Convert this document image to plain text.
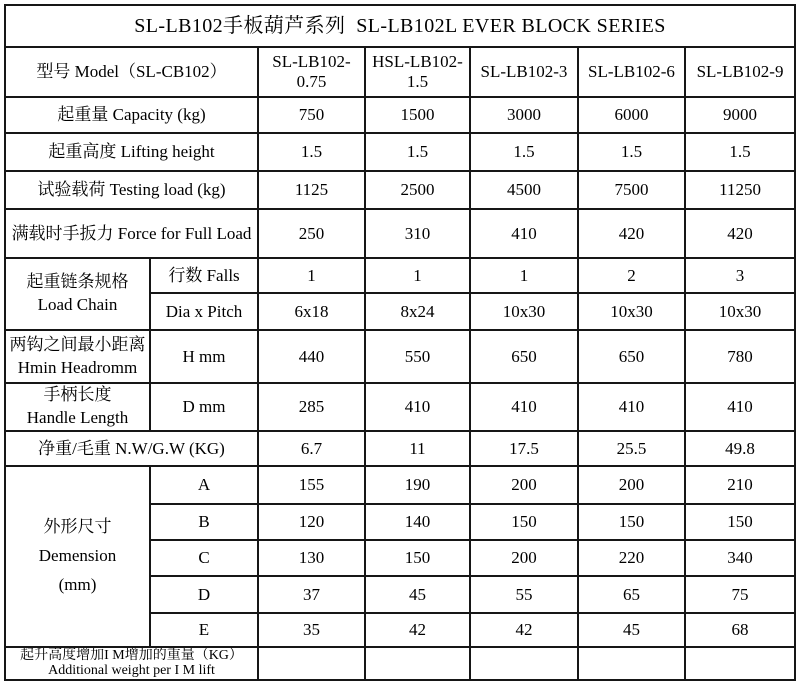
SL-LB102手板葫芦系列  SL-LB102L EVER BLOCK SERIES						
型号 Model（SL-CB102）		SL-LB102-0.75	HSL-LB102-1.5	SL-LB102-3	SL-LB102-6	SL-LB102-9
起重量 Capacity (kg)		750	1500	3000	6000	9000
起重高度 Lifting height		1.5	1.5	1.5	1.5	1.5
试验载荷 Testing load (kg)		1125	2500	4500	7500	11250
满载时手扳力 Force for Full Load		250	310	410	420	420

起重链条规格
Load Chain	行数 Falls	1	1	1	2	3
	Dia x Pitch	6x18	8x24	10x30	10x30	10x30

两钩之间最小距离
Hmin Headromm	H mm	440	550	650	650	780

手柄长度
Handle Length	D mm	285	410	410	410	410
净重/毛重 N.W/G.W (KG)		6.7	11	17.5	25.5	49.8

外形尺寸
Demension
(mm)	A	155	190	200	200	210
	B	120	140	150	150	150
	C	130	150	200	220	340
	D	37	45	55	65	75
	E	35	42	42	45	68

起升高度增加I M增加的重量（KG）
Additional weight per I M lift						
